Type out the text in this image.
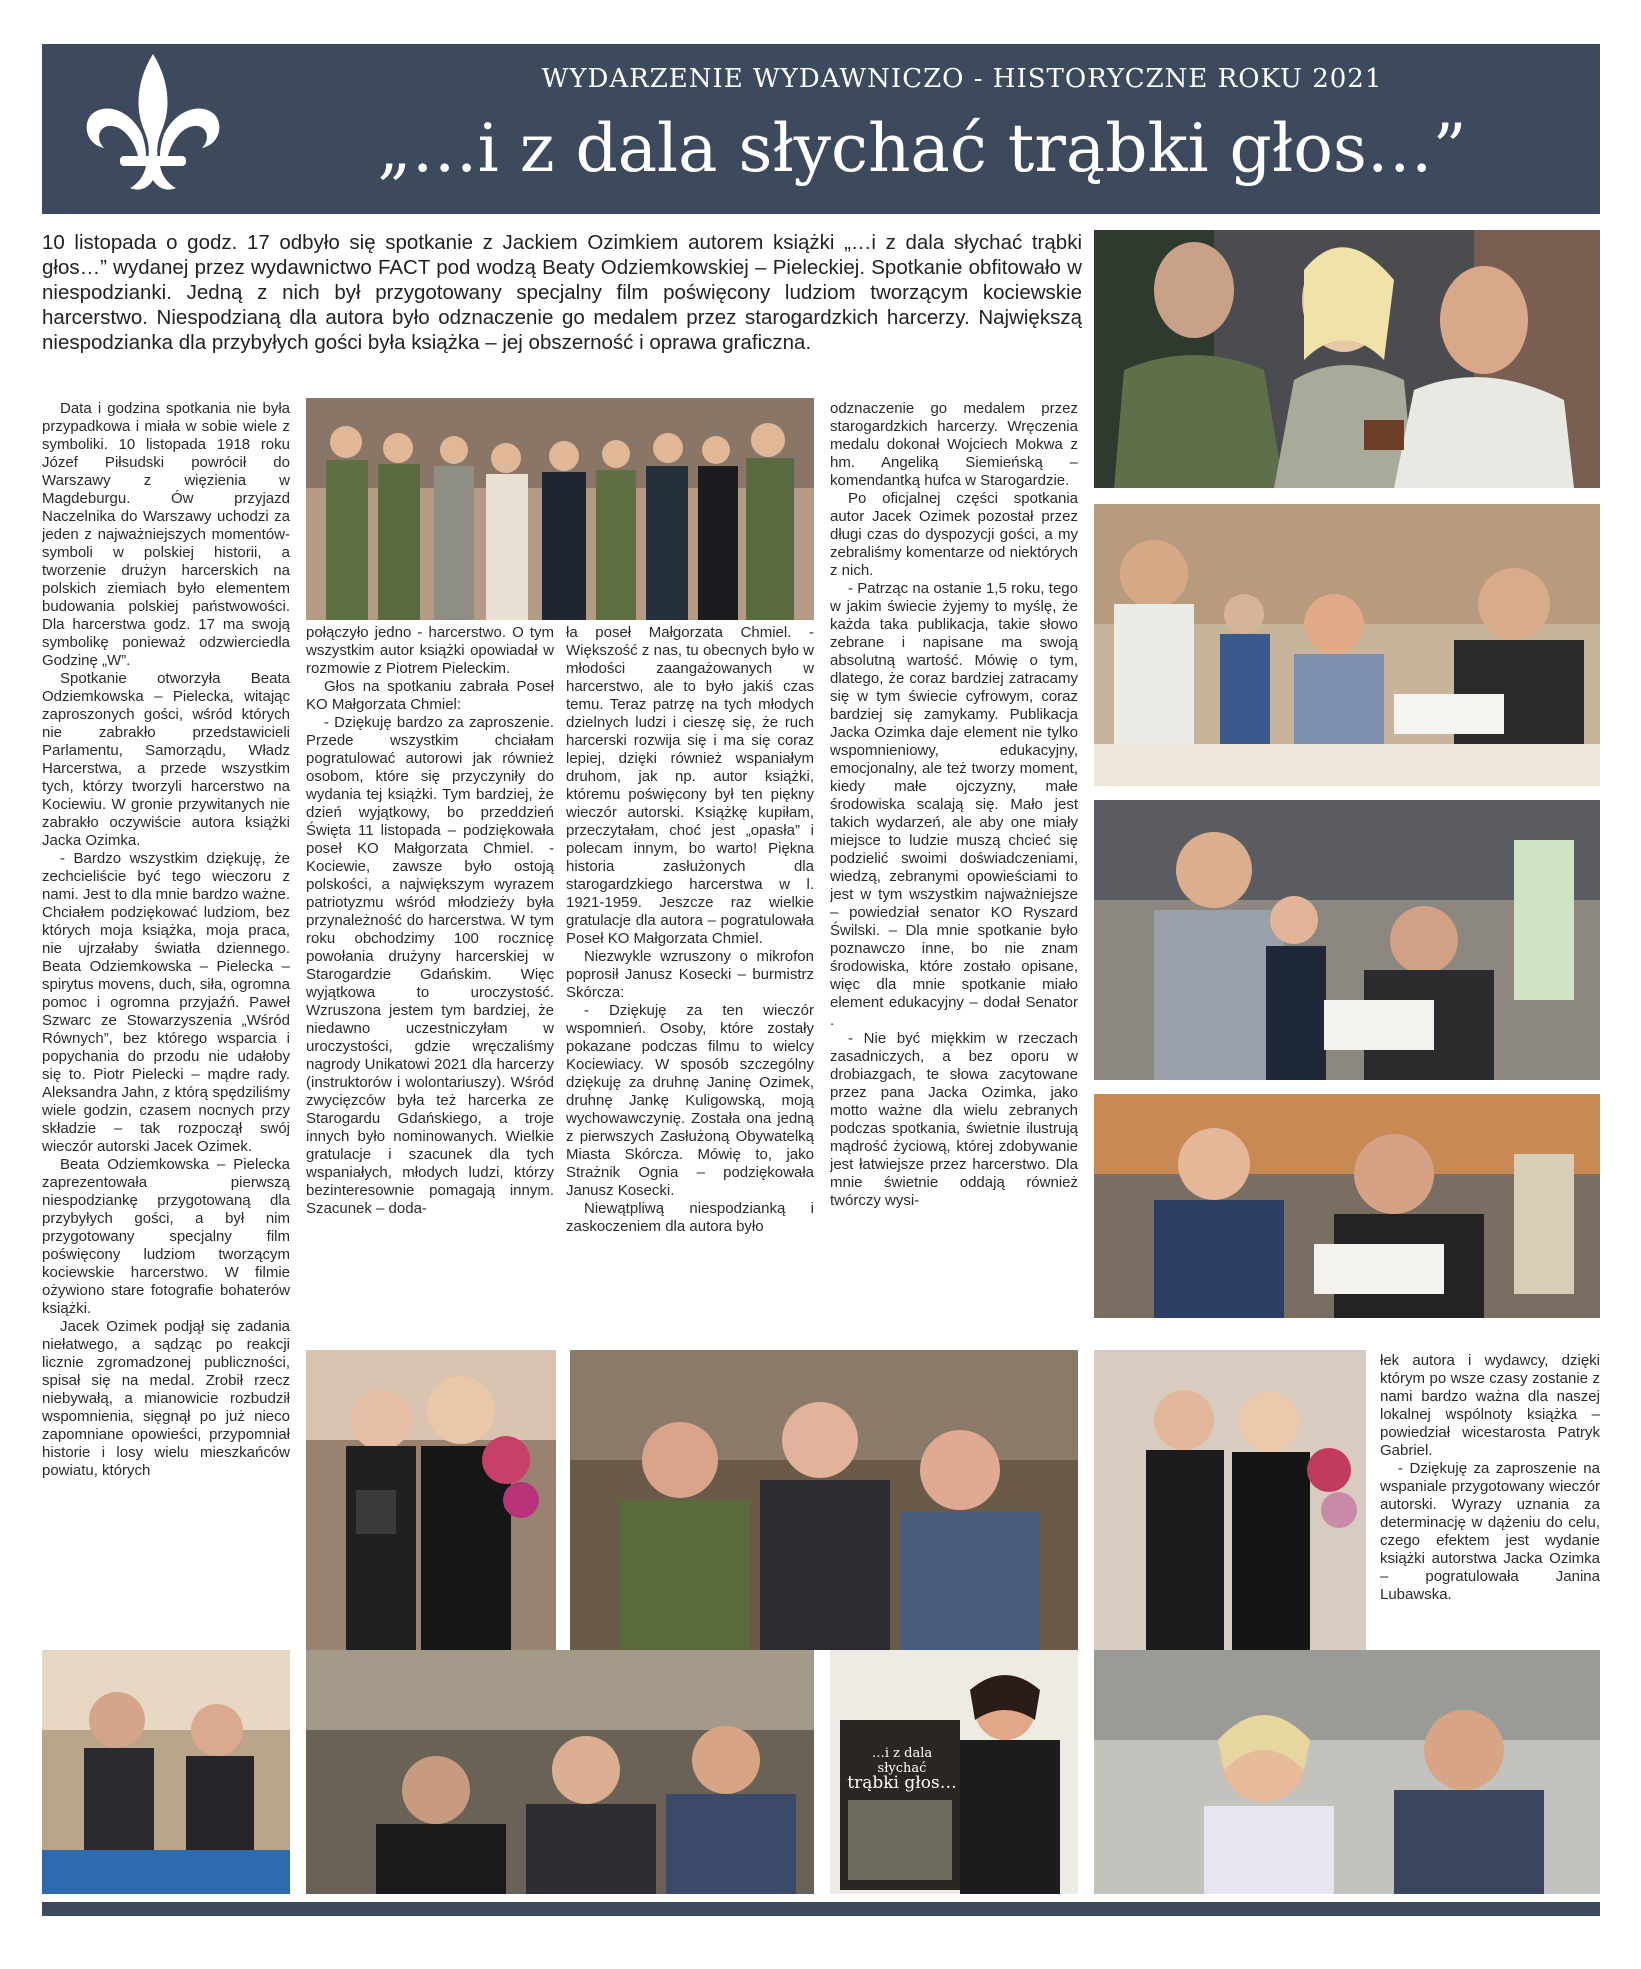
WYDARZENIE WYDAWNICZO - HISTORYCZNE ROKU 2021
„…i z dala słychać trąbki głos…”
10 listopada o godz. 17 odbyło się spotkanie z Jackiem Ozimkiem autorem książki „…i z dala słychać trąbki głos…” wydanej przez wydawnictwo FACT pod wodzą Beaty Odziemkowskiej – Pieleckiej. Spotkanie obfitowało w niespodzianki. Jedną z nich był przygotowany specjalny film poświęcony ludziom tworzącym kociewskie harcerstwo. Niespodzianą dla autora było odznaczenie go medalem przez starogardzkich harcerzy. Największą niespodzianka dla przybyłych gości była książka – jej obszerność i oprawa graficzna.
…i z dala słychać
trąbki głos…

Data i godzina spotkania nie była przypadkowa i miała w sobie wiele z symboliki. 10 listopada 1918 roku Józef Piłsudski powrócił do Warszawy z więzienia w Magdeburgu. Ów przyjazd Naczelnika do Warszawy uchodzi za jeden z najważniejszych momentów-symboli w polskiej historii, a tworzenie drużyn harcerskich na polskich ziemiach było elementem budowania polskiej państwowości. Dla harcerstwa godz. 17 ma swoją symbolikę ponieważ odzwierciedla Godzinę „W”.

Spotkanie otworzyła Beata Odziemkowska – Pielecka, witając zaproszonych gości, wśród których nie zabrakło przedstawicieli Parlamentu, Samorządu, Władz Harcerstwa, a przede wszystkim tych, którzy tworzyli harcerstwo na Kociewiu. W gronie przywitanych nie zabrakło oczywiście autora książki Jacka Ozimka.

- Bardzo wszystkim dziękuję, że zechcieliście być tego wieczoru z nami. Jest to dla mnie bardzo ważne. Chciałem podziękować ludziom, bez których moja książka, moja praca, nie ujrzałaby światła dziennego. Beata Odziemkowska – Pielecka – spirytus movens, duch, siła, ogromna pomoc i ogromna przyjaźń. Paweł Szwarc ze Stowarzyszenia „Wśród Równych”, bez którego wsparcia i popychania do przodu nie udałoby się to. Piotr Pielecki – mądre rady. Aleksandra Jahn, z którą spędziliśmy wiele godzin, czasem nocnych przy składzie – tak rozpoczął swój wieczór autorski Jacek Ozimek.

Beata Odziemkowska – Pielecka zaprezentowała pierwszą niespodziankę przygotowaną dla przybyłych gości, a był nim przygotowany specjalny film poświęcony ludziom tworzącym kociewskie harcerstwo. W filmie ożywiono stare fotografie bohaterów książki.

Jacek Ozimek podjął się zadania niełatwego, a sądząc po reakcji licznie zgromadzonej publiczności, spisał się na medal. Zrobił rzecz niebywałą, a mianowicie rozbudził wspomnienia, sięgnął po już nieco zapomniane opowieści, przypomniał historie i losy wielu mieszkańców powiatu, których

połączyło jedno - harcerstwo. O tym wszystkim autor książki opowiadał w rozmowie z Piotrem Pieleckim.

Głos na spotkaniu zabrała Poseł KO Małgorzata Chmiel:

- Dziękuję bardzo za zaproszenie. Przede wszystkim chciałam pogratulować autorowi jak również osobom, które się przyczyniły do wydania tej książki. Tym bardziej, że dzień wyjątkowy, bo przeddzień Święta 11 listopada – podziękowała poseł KO Małgorzata Chmiel. - Kociewie, zawsze było ostoją polskości, a największym wyrazem patriotyzmu wśród młodzieży była przynależność do harcerstwa. W tym roku obchodzimy 100 rocznicę powołania drużyny harcerskiej w Starogardzie Gdańskim. Więc wyjątkowa to uroczystość. Wzruszona jestem tym bardziej, że niedawno uczestniczyłam w uroczystości, gdzie wręczaliśmy nagrody Unikatowi 2021 dla harcerzy (instruktorów i wolontariuszy). Wśród zwycięzców była też harcerka ze Starogardu Gdańskiego, a troje innych było nominowanych. Wielkie gratulacje i szacunek dla tych wspaniałych, młodych ludzi, którzy bezinteresownie pomagają innym. Szacunek – doda-

ła poseł Małgorzata Chmiel. - Większość z nas, tu obecnych było w młodości zaangażowanych w harcerstwo, ale to było jakiś czas temu. Teraz patrzę na tych młodych dzielnych ludzi i cieszę się, że ruch harcerski rozwija się i ma się coraz lepiej, dzięki również wspaniałym druhom, jak np. autor książki, któremu poświęcony był ten piękny wieczór autorski. Książkę kupiłam, przeczytałam, choć jest „opasła” i polecam innym, bo warto! Piękna historia zasłużonych dla starogardzkiego harcerstwa w l. 1921-1959. Jeszcze raz wielkie gratulacje dla autora – pogratulowała Poseł KO Małgorzata Chmiel.

Niezwykle wzruszony o mikrofon poprosił Janusz Kosecki – burmistrz Skórcza:

- Dziękuję za ten wieczór wspomnień. Osoby, które zostały pokazane podczas filmu to wielcy Kociewiacy. W sposób szczególny dziękuję za druhnę Janinę Ozimek, druhnę Jankę Kuligowską, moją wychowawczynię. Została ona jedną z pierwszych Zasłużoną Obywatelką Miasta Skórcza. Mówię to, jako Strażnik Ognia – podziękowała Janusz Kosecki.

Niewątpliwą niespodzianką i zaskoczeniem dla autora było

odznaczenie go medalem przez starogardzkich harcerzy. Wręczenia medalu dokonał Wojciech Mokwa z hm. Angeliką Siemieńską – komendantką hufca w Starogardzie.

Po oficjalnej części spotkania autor Jacek Ozimek pozostał przez długi czas do dyspozycji gości, a my zebraliśmy komentarze od niektórych z nich.

- Patrząc na ostanie 1,5 roku, tego w jakim świecie żyjemy to myślę, że każda taka publikacja, takie słowo zebrane i napisane ma swoją absolutną wartość. Mówię o tym, dlatego, że coraz bardziej zatracamy się w tym świecie cyfrowym, coraz bardziej się zamykamy. Publikacja Jacka Ozimka daje element nie tylko wspomnieniowy, edukacyjny, emocjonalny, ale też tworzy moment, kiedy małe ojczyzny, małe środowiska scalają się. Mało jest takich wydarzeń, ale aby one miały miejsce to ludzie muszą chcieć się podzielić swoimi doświadczeniami, wiedzą, zebranymi opowieściami to jest w tym wszystkim najważniejsze – powiedział senator KO Ryszard Świlski. – Dla mnie spotkanie było poznawczo inne, bo nie znam środowiska, które zostało opisane, więc dla mnie spotkanie miało element edukacyjny – dodał Senator .

- Nie być miękkim w rzeczach zasadniczych, a bez oporu w drobiazgach, te słowa zacytowane przez pana Jacka Ozimka, jako motto ważne dla wielu zebranych podczas spotkania, świetnie ilustrują mądrość życiową, której zdobywanie jest łatwiejsze przez harcerstwo. Dla mnie świetnie oddają również twórczy wysi-

łek autora i wydawcy, dzięki którym po wsze czasy zostanie z nami bardzo ważna dla naszej lokalnej wspólnoty książka – powiedział wicestarosta Patryk Gabriel.

- Dziękuję za zaproszenie na wspaniale przygotowany wieczór autorski. Wyrazy uznania za determinację w dążeniu do celu, czego efektem jest wydanie książki autorstwa Jacka Ozimka – pogratulowała Janina Lubawska.
